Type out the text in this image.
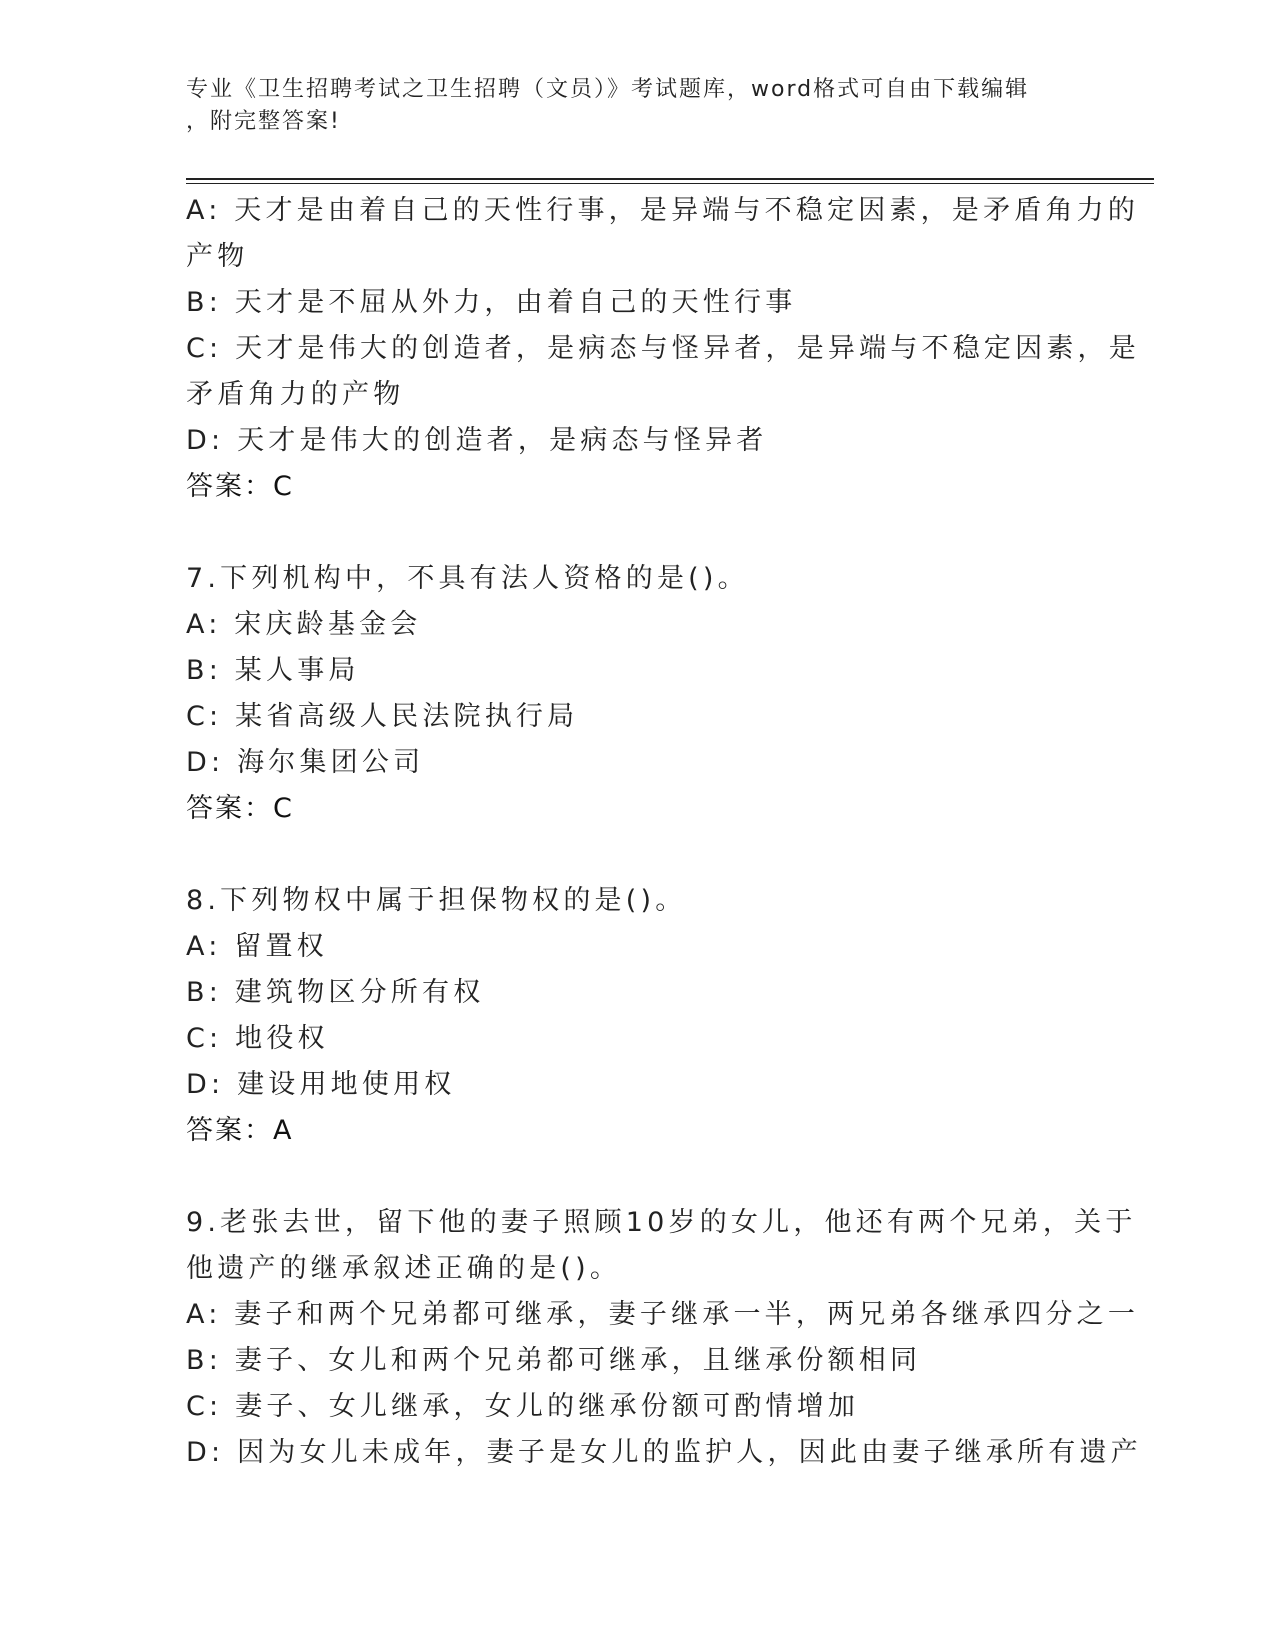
专业《卫生招聘考试之卫生招聘（文员）》考试题库，word格式可自由下载编辑
，附完整答案!
A: 天才是由着自己的天性行事，是异端与不稳定因素，是矛盾角力的
产物
B: 天才是不屈从外力，由着自己的天性行事
C: 天才是伟大的创造者，是病态与怪异者，是异端与不稳定因素，是
矛盾角力的产物
D: 天才是伟大的创造者，是病态与怪异者
答案：C
7.下列机构中，不具有法人资格的是()。
A: 宋庆龄基金会
B: 某人事局
C: 某省高级人民法院执行局
D: 海尔集团公司
答案：C
8.下列物权中属于担保物权的是()。
A: 留置权
B: 建筑物区分所有权
C: 地役权
D: 建设用地使用权
答案：A
9.老张去世，留下他的妻子照顾10岁的女儿，他还有两个兄弟，关于
他遗产的继承叙述正确的是()。
A: 妻子和两个兄弟都可继承，妻子继承一半，两兄弟各继承四分之一
B: 妻子、女儿和两个兄弟都可继承，且继承份额相同
C: 妻子、女儿继承，女儿的继承份额可酌情增加
D: 因为女儿未成年，妻子是女儿的监护人，因此由妻子继承所有遗产
